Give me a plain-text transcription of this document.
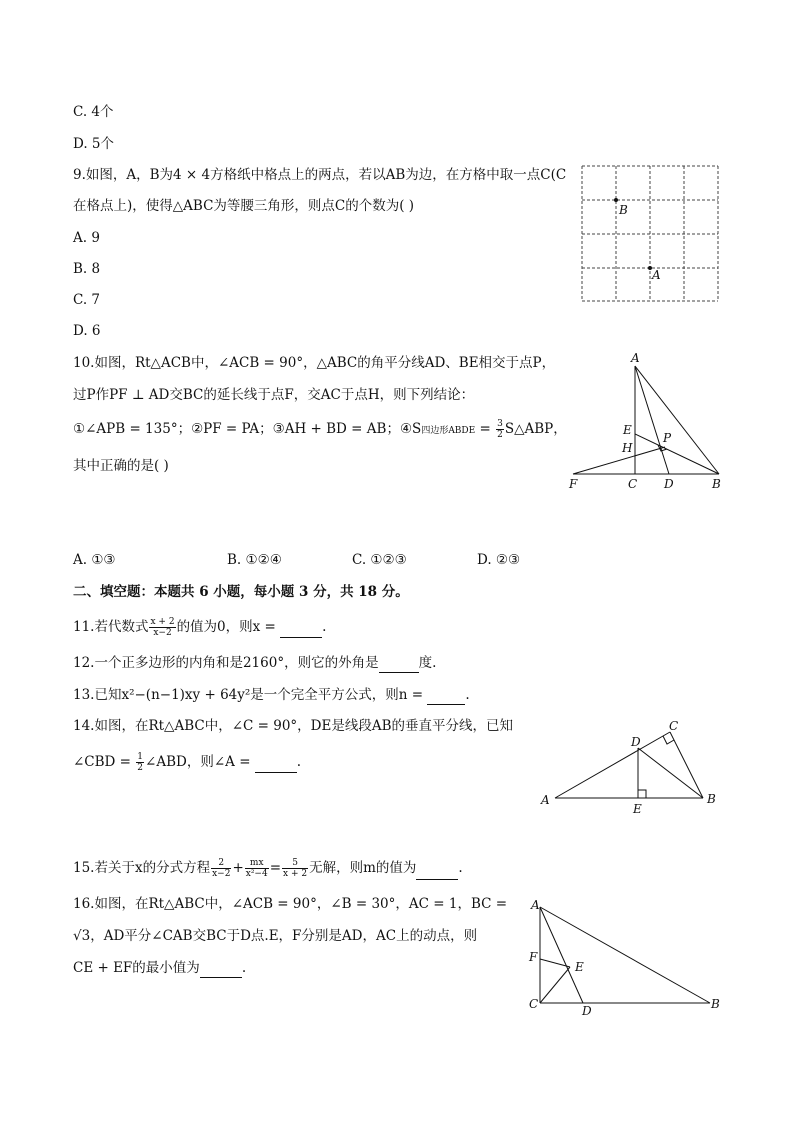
C. 4个
D. 5个
9.如图，A，B为4 × 4方格纸中格点上的两点，若以AB为边，在方格中取一点C(C
在格点上)，使得△ABC为等腰三角形，则点C的个数为( )
A. 9
B. 8
C. 7
D. 6
B
A
10.如图，Rt△ACB中，∠ACB = 90°，△ABC的角平分线AD、BE相交于点P，
过P作PF ⊥ AD交BC的延长线于点F，交AC于点H，则下列结论：
①∠APB = 135°；②PF = PA；③AH + BD = AB；④S四边形ABDE = $\frac{3}{2}$ S△ABP，
其中正确的是( )
A. ①③	B. ①②④	C. ①②③	D. ②③
A
E
H
P
F	C D	B
二、填空题：本题共 6 小题，每小题 3 分，共 18 分。
11.若代数式 $\frac{x + 2}{x-2}$ 的值为0，则x =	.
12.一个正多边形的内角和是2160°，则它的外角是	度.
13.已知x²−(n−1)xy + 64y²是一个完全平方公式，则n =	.
14.如图，在Rt△ABC中，∠C = 90°，DE是线段AB的垂直平分线，已知
∠CBD = $\frac{1}{2}$ ∠ABD，则∠A =	.
C
D
A	B
E
15.若关于x的分式方程 $\frac{2}{x-2} + \frac{mx}{\text{x²−4}} = \frac{5}{x + 2}$ 无解，则m的值为	.
16.如图，在Rt△ABC中，∠ACB = 90°，∠B = 30°，AC = 1，BC =
√3，AD平分∠CAB交BC于D点.E，F分别是AD，AC上的动点，则
CE + EF的最小值为	.
A
F
E
C	D	B
